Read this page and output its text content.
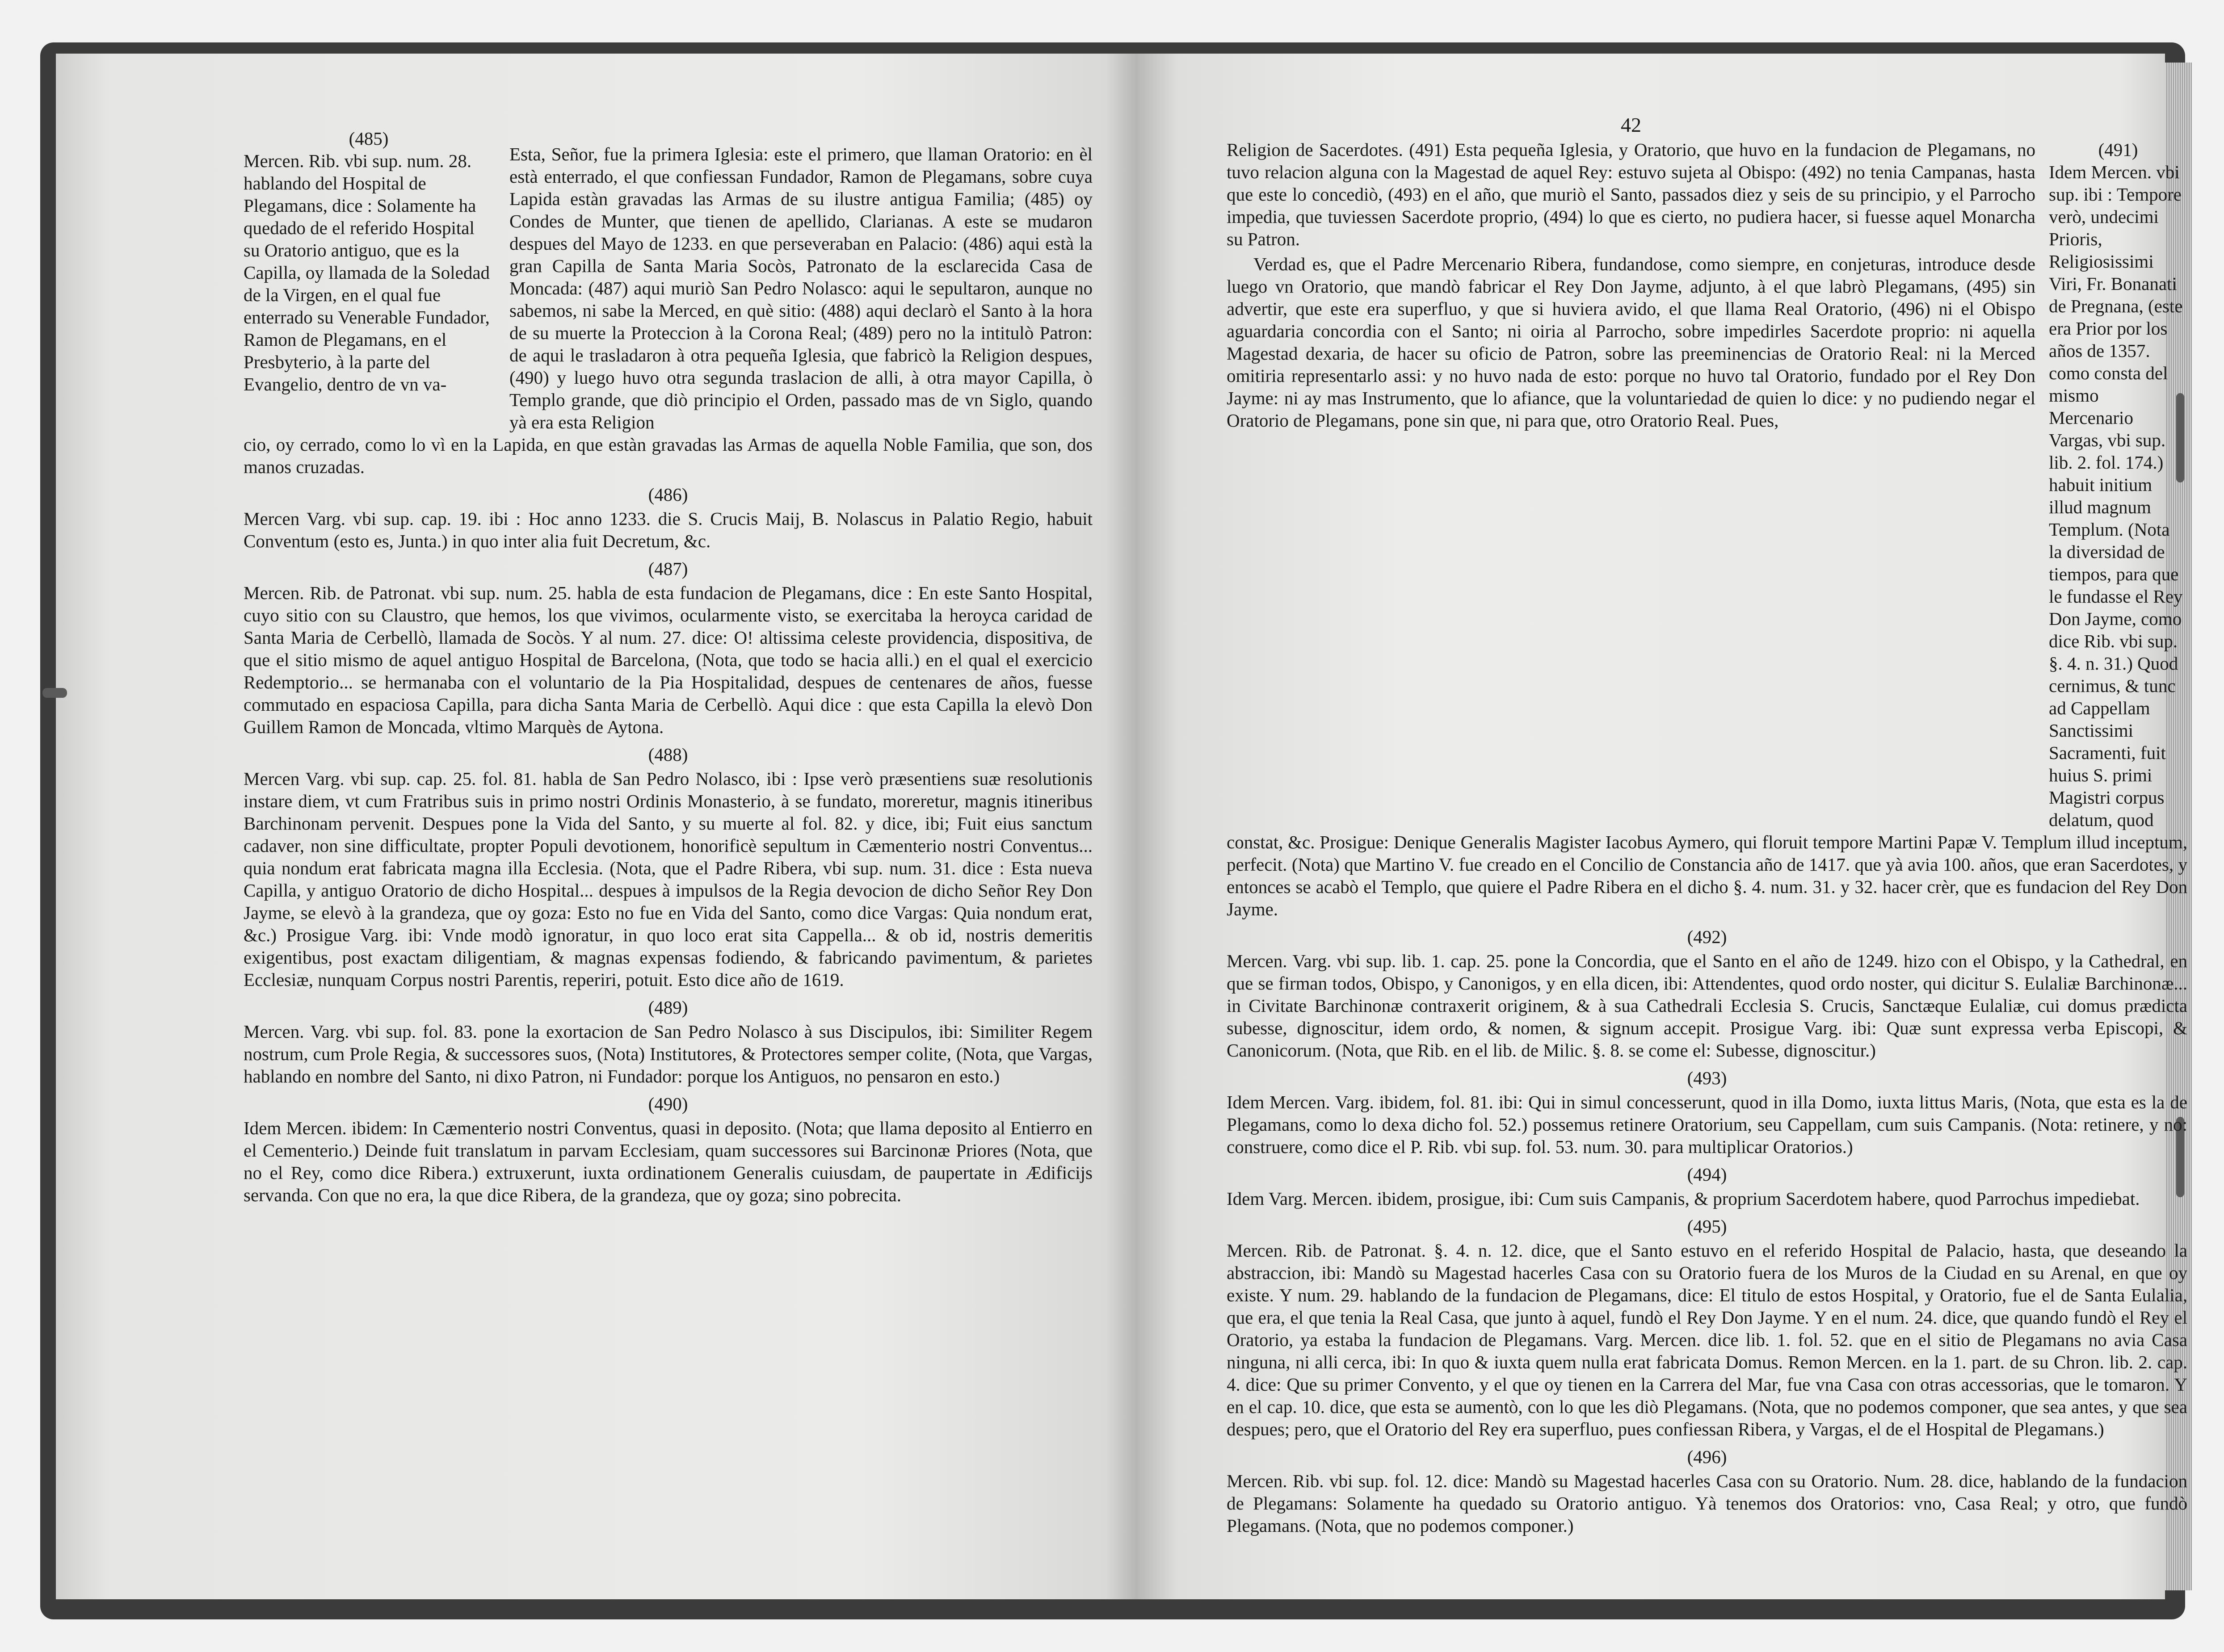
(485)
Mercen. Rib. vbi sup. num. 28. hablando del Hospital de Plegamans, dice : Solamente ha quedado de el referido Hospital su Oratorio antiguo, que es la Capilla, oy llamada de la Soledad de la Virgen, en el qual fue enterrado su Venerable Fundador, Ramon de Plegamans, en el Presbyterio, à la parte del Evangelio, dentro de vn va-
Esta, Señor, fue la primera Iglesia: este el primero, que llaman Oratorio: en èl està enterrado, el que confiessan Fundador, Ramon de Plegamans, sobre cuya Lapida estàn gravadas las Armas de su ilustre antigua Familia; (485) oy Condes de Munter, que tienen de apellido, Clarianas. A este se mudaron despues del Mayo de 1233. en que perseveraban en Palacio: (486) aqui està la gran Capilla de Santa Maria Socòs, Patronato de la esclarecida Casa de Moncada: (487) aqui muriò San Pedro Nolasco: aqui le sepultaron, aunque no sabemos, ni sabe la Merced, en què sitio: (488) aqui declarò el Santo à la hora de su muerte la Proteccion à la Corona Real; (489) pero no la intitulò Patron: de aqui le trasladaron à otra pequeña Iglesia, que fabricò la Religion despues, (490) y luego huvo otra segunda traslacion de alli, à otra mayor Capilla, ò Templo grande, que diò principio el Orden, passado mas de vn Siglo, quando yà era esta Religion

cio, oy cerrado, como lo vì en la Lapida, en que estàn gravadas las Armas de aquella Noble Familia, que son, dos manos cruzadas.

(486)

Mercen Varg. vbi sup. cap. 19. ibi : Hoc anno 1233. die S. Crucis Maij, B. Nolascus in Palatio Regio, habuit Conventum (esto es, Junta.) in quo inter alia fuit Decretum, &c.

(487)

Mercen. Rib. de Patronat. vbi sup. num. 25. habla de esta fundacion de Plegamans, dice : En este Santo Hospital, cuyo sitio con su Claustro, que hemos, los que vivimos, ocularmente visto, se exercitaba la heroyca caridad de Santa Maria de Cerbellò, llamada de Socòs. Y al num. 27. dice: O! altissima celeste providencia, dispositiva, de que el sitio mismo de aquel antiguo Hospital de Barcelona, (Nota, que todo se hacia alli.) en el qual el exercicio Redemptorio... se hermanaba con el voluntario de la Pia Hospitalidad, despues de centenares de años, fuesse commutado en espaciosa Capilla, para dicha Santa Maria de Cerbellò. Aqui dice : que esta Capilla la elevò Don Guillem Ramon de Moncada, vltimo Marquès de Aytona.

(488)

Mercen Varg. vbi sup. cap. 25. fol. 81. habla de San Pedro Nolasco, ibi : Ipse verò præsentiens suæ resolutionis instare diem, vt cum Fratribus suis in primo nostri Ordinis Monasterio, à se fundato, moreretur, magnis itineribus Barchinonam pervenit. Despues pone la Vida del Santo, y su muerte al fol. 82. y dice, ibi; Fuit eius sanctum cadaver, non sine difficultate, propter Populi devotionem, honorificè sepultum in Cæmenterio nostri Conventus... quia nondum erat fabricata magna illa Ecclesia. (Nota, que el Padre Ribera, vbi sup. num. 31. dice : Esta nueva Capilla, y antiguo Oratorio de dicho Hospital... despues à impulsos de la Regia devocion de dicho Señor Rey Don Jayme, se elevò à la grandeza, que oy goza: Esto no fue en Vida del Santo, como dice Vargas: Quia nondum erat, &c.) Prosigue Varg. ibi: Vnde modò ignoratur, in quo loco erat sita Cappella... & ob id, nostris demeritis exigentibus, post exactam diligentiam, & magnas expensas fodiendo, & fabricando pavimentum, & parietes Ecclesiæ, nunquam Corpus nostri Parentis, reperiri, potuit. Esto dice año de 1619.

(489)

Mercen. Varg. vbi sup. fol. 83. pone la exortacion de San Pedro Nolasco à sus Discipulos, ibi: Similiter Regem nostrum, cum Prole Regia, & successores suos, (Nota) Institutores, & Protectores semper colite, (Nota, que Vargas, hablando en nombre del Santo, ni dixo Patron, ni Fundador: porque los Antiguos, no pensaron en esto.)

(490)

Idem Mercen. ibidem: In Cæmenterio nostri Conventus, quasi in deposito. (Nota; que llama deposito al Entierro en el Cementerio.) Deinde fuit translatum in parvam Ecclesiam, quam successores sui Barcinonæ Priores (Nota, que no el Rey, como dice Ribera.) extruxerunt, iuxta ordinationem Generalis cuiusdam, de paupertate in Ædificijs servanda. Con que no era, la que dice Ribera, de la grandeza, que oy goza; sino pobrecita.

42

Religion de Sacerdotes. (491) Esta pequeña Iglesia, y Oratorio, que huvo en la fundacion de Plegamans, no tuvo relacion alguna con la Magestad de aquel Rey: estuvo sujeta al Obispo: (492) no tenia Campanas, hasta que este lo concediò, (493) en el año, que muriò el Santo, passados diez y seis de su principio, y el Parrocho impedia, que tuviessen Sacerdote proprio, (494) lo que es cierto, no pudiera hacer, si fuesse aquel Monarcha su Patron.

Verdad es, que el Padre Mercenario Ribera, fundandose, como siempre, en conjeturas, introduce desde luego vn Oratorio, que mandò fabricar el Rey Don Jayme, adjunto, à el que labrò Plegamans, (495) sin advertir, que este era superfluo, y que si huviera avido, el que llama Real Oratorio, (496) ni el Obispo aguardaria concordia con el Santo; ni oiria al Parrocho, sobre impedirles Sacerdote proprio: ni aquella Magestad dexaria, de hacer su oficio de Patron, sobre las preeminencias de Oratorio Real: ni la Merced omitiria representarlo assi: y no huvo nada de esto: porque no huvo tal Oratorio, fundado por el Rey Don Jayme: ni ay mas Instrumento, que lo afiance, que la voluntariedad de quien lo dice: y no pudiendo negar el Oratorio de Plegamans, pone sin que, ni para que, otro Oratorio Real. Pues,

(491)
Idem Mercen. vbi sup. ibi : Tempore verò, undecimi Prioris, Religiosissimi Viri, Fr. Bonanati de Pregnana, (este era Prior por los años de 1357. como consta del mismo Mercenario Vargas, vbi sup. lib. 2. fol. 174.) habuit initium illud magnum Templum. (Nota la diversidad de tiempos, para que le fundasse el Rey Don Jayme, como dice Rib. vbi sup. §. 4. n. 31.) Quod cernimus, & tunc ad Cappellam Sanctissimi Sacramenti, fuit huius S. primi Magistri corpus delatum, quod

constat, &c. Prosigue: Denique Generalis Magister Iacobus Aymero, qui floruit tempore Martini Papæ V. Templum illud inceptum, perfecit. (Nota) que Martino V. fue creado en el Concilio de Constancia año de 1417. que yà avia 100. años, que eran Sacerdotes, y entonces se acabò el Templo, que quiere el Padre Ribera en el dicho §. 4. num. 31. y 32. hacer crèr, que es fundacion del Rey Don Jayme.

(492)

Mercen. Varg. vbi sup. lib. 1. cap. 25. pone la Concordia, que el Santo en el año de 1249. hizo con el Obispo, y la Cathedral, en que se firman todos, Obispo, y Canonigos, y en ella dicen, ibi: Attendentes, quod ordo noster, qui dicitur S. Eulaliæ Barchinonæ... in Civitate Barchinonæ contraxerit originem, & à sua Cathedrali Ecclesia S. Crucis, Sanctæque Eulaliæ, cui domus prædicta subesse, dignoscitur, idem ordo, & nomen, & signum accepit. Prosigue Varg. ibi: Quæ sunt expressa verba Episcopi, & Canonicorum. (Nota, que Rib. en el lib. de Milic. §. 8. se come el: Subesse, dignoscitur.)

(493)

Idem Mercen. Varg. ibidem, fol. 81. ibi: Qui in simul concesserunt, quod in illa Domo, iuxta littus Maris, (Nota, que esta es la de Plegamans, como lo dexa dicho fol. 52.) possemus retinere Oratorium, seu Cappellam, cum suis Campanis. (Nota: retinere, y no: construere, como dice el P. Rib. vbi sup. fol. 53. num. 30. para multiplicar Oratorios.)

(494)

Idem Varg. Mercen. ibidem, prosigue, ibi: Cum suis Campanis, & proprium Sacerdotem habere, quod Parrochus impediebat.

(495)

Mercen. Rib. de Patronat. §. 4. n. 12. dice, que el Santo estuvo en el referido Hospital de Palacio, hasta, que deseando la abstraccion, ibi: Mandò su Magestad hacerles Casa con su Oratorio fuera de los Muros de la Ciudad en su Arenal, en que oy existe. Y num. 29. hablando de la fundacion de Plegamans, dice: El titulo de estos Hospital, y Oratorio, fue el de Santa Eulalia, que era, el que tenia la Real Casa, que junto à aquel, fundò el Rey Don Jayme. Y en el num. 24. dice, que quando fundò el Rey el Oratorio, ya estaba la fundacion de Plegamans. Varg. Mercen. dice lib. 1. fol. 52. que en el sitio de Plegamans no avia Casa ninguna, ni alli cerca, ibi: In quo & iuxta quem nulla erat fabricata Domus. Remon Mercen. en la 1. part. de su Chron. lib. 2. cap. 4. dice: Que su primer Convento, y el que oy tienen en la Carrera del Mar, fue vna Casa con otras accessorias, que le tomaron. Y en el cap. 10. dice, que esta se aumentò, con lo que les diò Plegamans. (Nota, que no podemos componer, que sea antes, y que sea despues; pero, que el Oratorio del Rey era superfluo, pues confiessan Ribera, y Vargas, el de el Hospital de Plegamans.)

(496)

Mercen. Rib. vbi sup. fol. 12. dice: Mandò su Magestad hacerles Casa con su Oratorio. Num. 28. dice, hablando de la fundacion de Plegamans: Solamente ha quedado su Oratorio antiguo. Yà tenemos dos Oratorios: vno, Casa Real; y otro, que fundò Plegamans. (Nota, que no podemos componer.)
